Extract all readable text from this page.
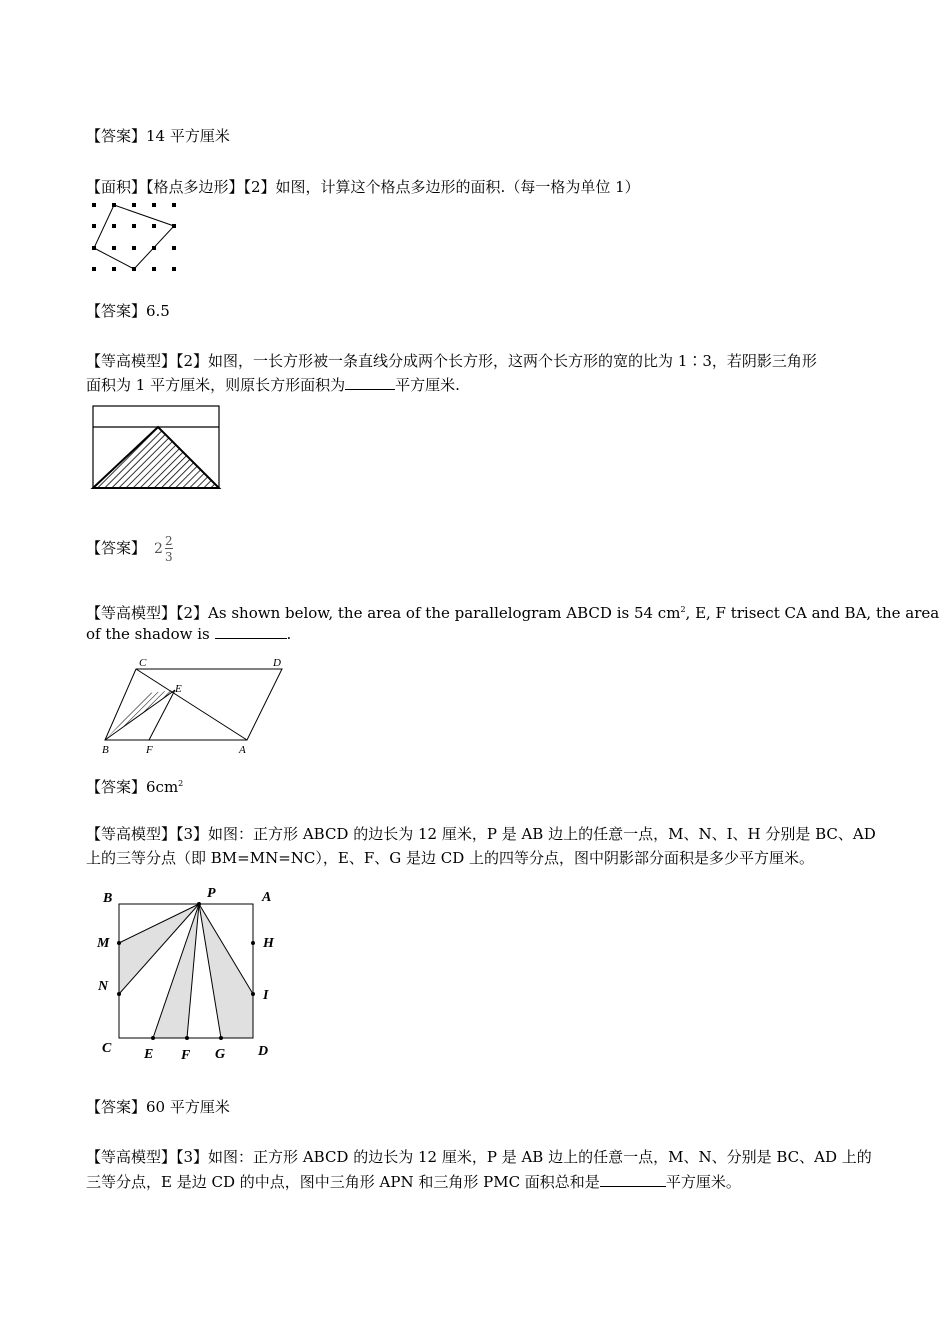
【答案】14 平方厘米
【面积】【格点多边形】【2】如图，计算这个格点多边形的面积.（每一格为单位 1）
【答案】6.5
【等高模型】【2】如图，一长方形被一条直线分成两个长方形，这两个长方形的宽的比为 1∶3，若阴影三角形
面积为 1 平方厘米，则原长方形面积为	平方厘米.
【答案】 $2 \frac{2}{3}$
【等高模型】【2】As shown below, the area of the parallelogram ABCD is 54 $cm^2$, E, F trisect CA and BA, the area
of the shadow is	.
C	D
E
B	F	A
【答案】$6cm^2$
【等高模型】【3】如图：正方形 ABCD 的边长为 12 厘米，P 是 AB 边上的任意一点，M、N、I、H 分别是 BC、AD
上的三等分点（即 BM=MN=NC），E、F、G 是边 CD 上的四等分点，图中阴影部分面积是多少平方厘米。
B	P	A
M	H
N
I
C E F G D
【答案】60 平方厘米
【等高模型】【3】如图：正方形 ABCD 的边长为 12 厘米，P 是 AB 边上的任意一点，M、N、分别是 BC、AD 上的
三等分点，E 是边 CD 的中点，图中三角形 APN 和三角形 PMC 面积总和是	平方厘米。
